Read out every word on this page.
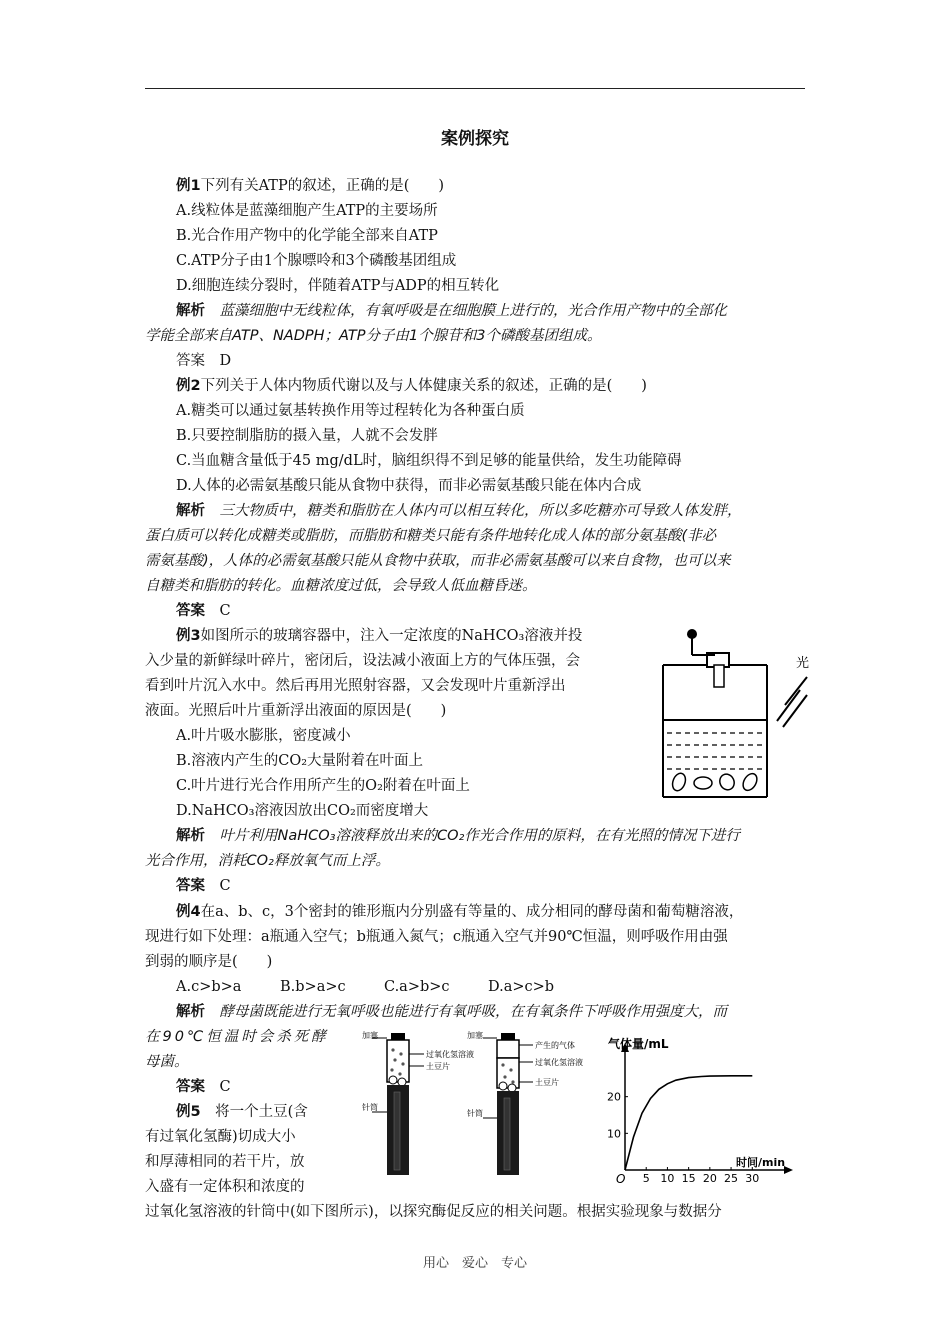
案例探究
例1下列有关ATP的叙述，正确的是(　　)
A.线粒体是蓝藻细胞产生ATP的主要场所
B.光合作用产物中的化学能全部来自ATP
C.ATP分子由1个腺嘌呤和3个磷酸基团组成
D.细胞连续分裂时，伴随着ATP与ADP的相互转化
解析　 蓝藻细胞中无线粒体，有氧呼吸是在细胞膜上进行的，光合作用产物中的全部化
学能全部来自ATP、NADPH；ATP分子由1个腺苷和3个磷酸基团组成。
答案　 D
例2下列关于人体内物质代谢以及与人体健康关系的叙述，正确的是(　　)
A.糖类可以通过氨基转换作用等过程转化为各种蛋白质
B.只要控制脂肪的摄入量，人就不会发胖
C.当血糖含量低于45 mg/dL时，脑组织得不到足够的能量供给，发生功能障碍
D.人体的必需氨基酸只能从食物中获得，而非必需氨基酸只能在体内合成
解析　 三大物质中，糖类和脂肪在人体内可以相互转化，所以多吃糖亦可导致人体发胖，
蛋白质可以转化成糖类或脂肪，而脂肪和糖类只能有条件地转化成人体的部分氨基酸(非必
需氨基酸)，人体的必需氨基酸只能从食物中获取，而非必需氨基酸可以来自食物，也可以来
自糖类和脂肪的转化。血糖浓度过低，会导致人低血糖昏迷。
答案　 C
例3如图所示的玻璃容器中，注入一定浓度的NaHCO₃溶液并投
入少量的新鲜绿叶碎片，密闭后，设法减小液面上方的气体压强，会
看到叶片沉入水中。然后再用光照射容器，又会发现叶片重新浮出
液面。光照后叶片重新浮出液面的原因是(　　)
A.叶片吸水膨胀，密度减小
B.溶液内产生的CO₂大量附着在叶面上
C.叶片进行光合作用所产生的O₂附着在叶面上
D.NaHCO₃溶液因放出CO₂而密度增大
解析　 叶片利用NaHCO₃溶液释放出来的CO₂作光合作用的原料，在有光照的情况下进行
光合作用，消耗CO₂释放氧气而上浮。
答案　 C
光
例4在a、b、c，3个密封的锥形瓶内分别盛有等量的、成分相同的酵母菌和葡萄糖溶液，
现进行如下处理：a瓶通入空气；b瓶通入氮气；c瓶通入空气并90℃恒温，则呼吸作用由强
到弱的顺序是(　　)
A.c>b>a	B.b>a>c	C.a>b>c	D.a>c>b
解析　 酵母菌既能进行无氧呼吸也能进行有氧呼吸，在有氧条件下呼吸作用强度大，而
在90℃恒温时会杀死酵
母菌。
答案　 C
例5　 将一个土豆(含
有过氧化氢酶)切成大小
和厚薄相同的若干片，放
入盛有一定体积和浓度的
过氧化氢溶液的针筒中(如下图所示)，以探究酶促反应的相关问题。根据实验现象与数据分
加塞
过氧化氢溶液
土豆片
针筒
加塞
产生的气体
过氧化氢溶液
土豆片
针筒
气体量/mL
时间/min
O 5 10 15 20 25 30
10
20
用心　爱心　专心
